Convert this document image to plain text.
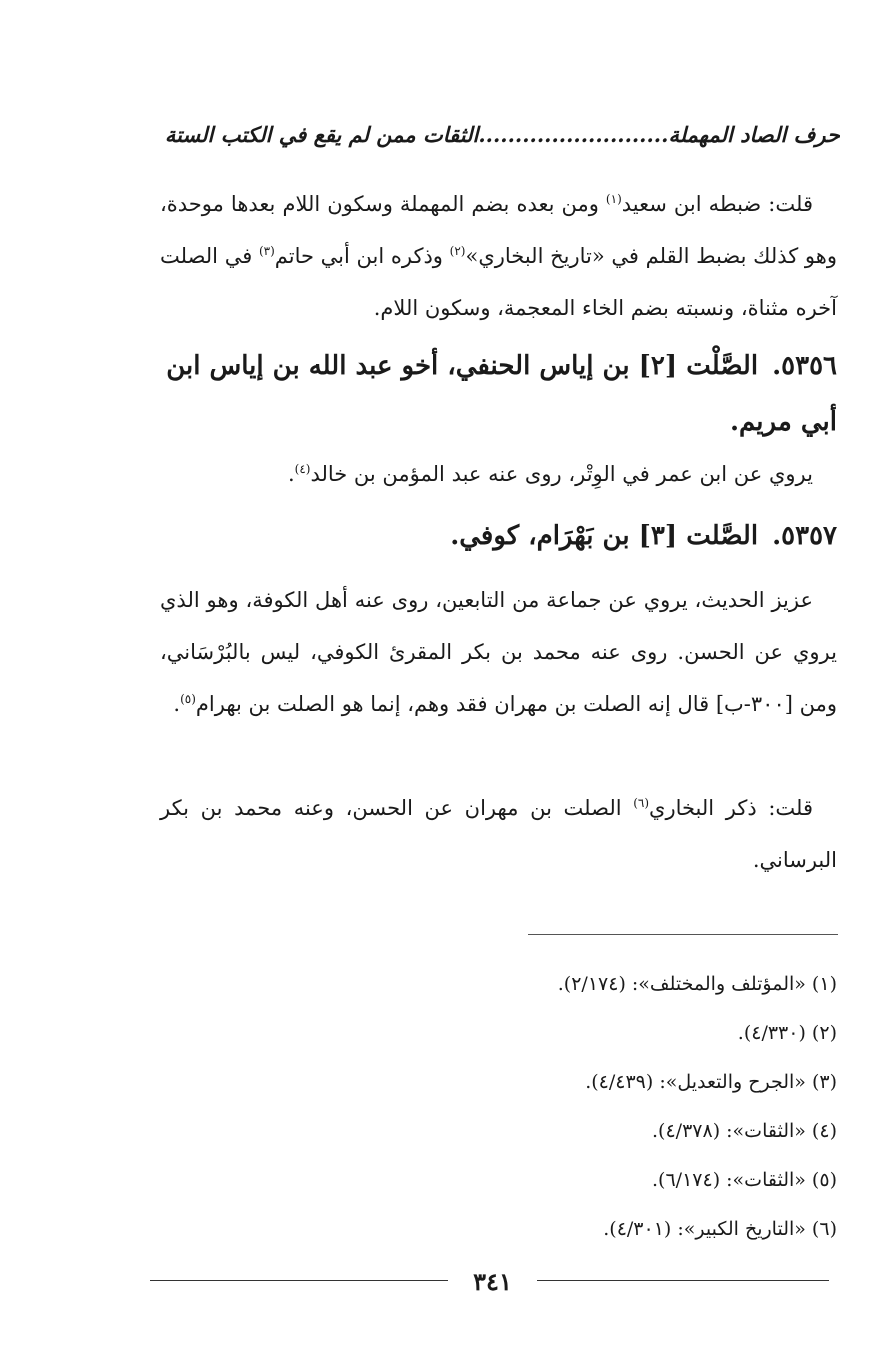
حرف الصاد المهملة..........................الثقات ممن لم يقع في الكتب الستة

قلت: ضبطه ابن سعيد$^{(١)}$ ومن بعده بضم المهملة وسكون اللام بعدها موحدة، وهو كذلك بضبط القلم في «تاريخ البخاري»$^{(٢)}$ وذكره ابن أبي حاتم$^{(٣)}$ في الصلت آخره مثناة، ونسبته بضم الخاء المعجمة، وسكون اللام.

٥٣٥٦.الصَّلْت [٢] بن إياس الحنفي، أخو عبد الله بن إياس ابن أبي مريم.

يروي عن ابن عمر في الوِتْر، روى عنه عبد المؤمن بن خالد$^{(٤)}$.

٥٣٥٧.الصَّلت [٣] بن بَهْرَام، كوفي.

عزيز الحديث، يروي عن جماعة من التابعين، روى عنه أهل الكوفة، وهو الذي يروي عن الحسن. روى عنه محمد بن بكر المقرئ الكوفي، ليس بالبُرْسَاني، ومن [٣٠٠-ب] قال إنه الصلت بن مهران فقد وهم، إنما هو الصلت بن بهرام$^{(٥)}$.

قلت: ذكر البخاري$^{(٦)}$ الصلت بن مهران عن الحسن، وعنه محمد بن بكر البرساني.

(١) «المؤتلف والمختلف»: (٢/١٧٤).
(٢) (٤/٣٣٠).
(٣) «الجرح والتعديل»: (٤/٤٣٩).
(٤) «الثقات»: (٤/٣٧٨).
(٥) «الثقات»: (٦/١٧٤).
(٦) «التاريخ الكبير»: (٤/٣٠١).
٣٤١
